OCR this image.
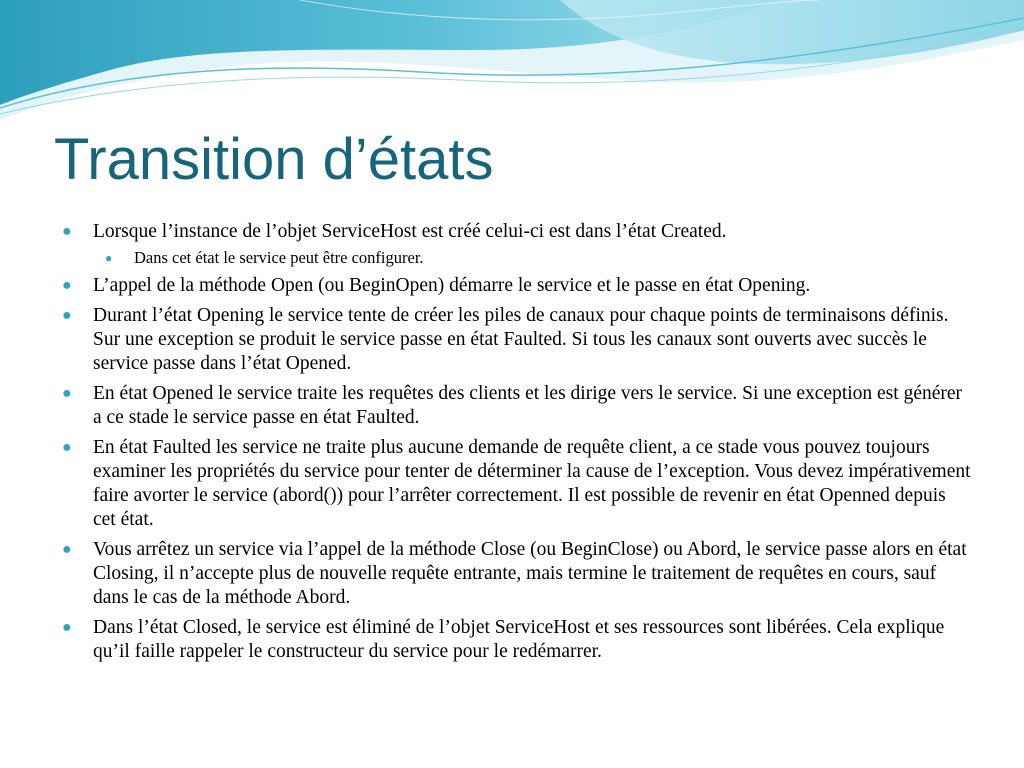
Transition d’états
●	Lorsque l’instance de l’objet ServiceHost est créé celui-ci est dans l’état Created.
●	Dans cet état le service peut être configurer.
●	L’appel de la méthode Open (ou BeginOpen) démarre le service et le passe en état Opening.
●	Durant l’état Opening le service tente de créer les piles de canaux pour chaque points de terminaisons définis. Sur une exception se produit le service passe en état Faulted. Si tous les canaux sont ouverts avec succès le service passe dans l’état Opened.
●	En état Opened le service traite les requêtes des clients et les dirige vers le service. Si une exception est générer a ce stade le service passe en état Faulted.
●	En état Faulted les service ne traite plus aucune demande de requête client, a ce stade vous pouvez toujours examiner les propriétés du service pour tenter de déterminer la cause de l’exception. Vous devez impérativement faire avorter le service (abord()) pour l’arrêter correctement. Il est possible de revenir en état Openned depuis cet état.
●	Vous arrêtez un service via l’appel de la méthode Close (ou BeginClose) ou Abord, le service passe alors en état Closing, il n’accepte plus de nouvelle requête entrante, mais termine le traitement de requêtes en cours, sauf dans le cas de la méthode Abord.
●	Dans l’état Closed, le service est éliminé de l’objet ServiceHost et ses ressources sont libérées. Cela explique qu’il faille rappeler le constructeur du service pour le redémarrer.
